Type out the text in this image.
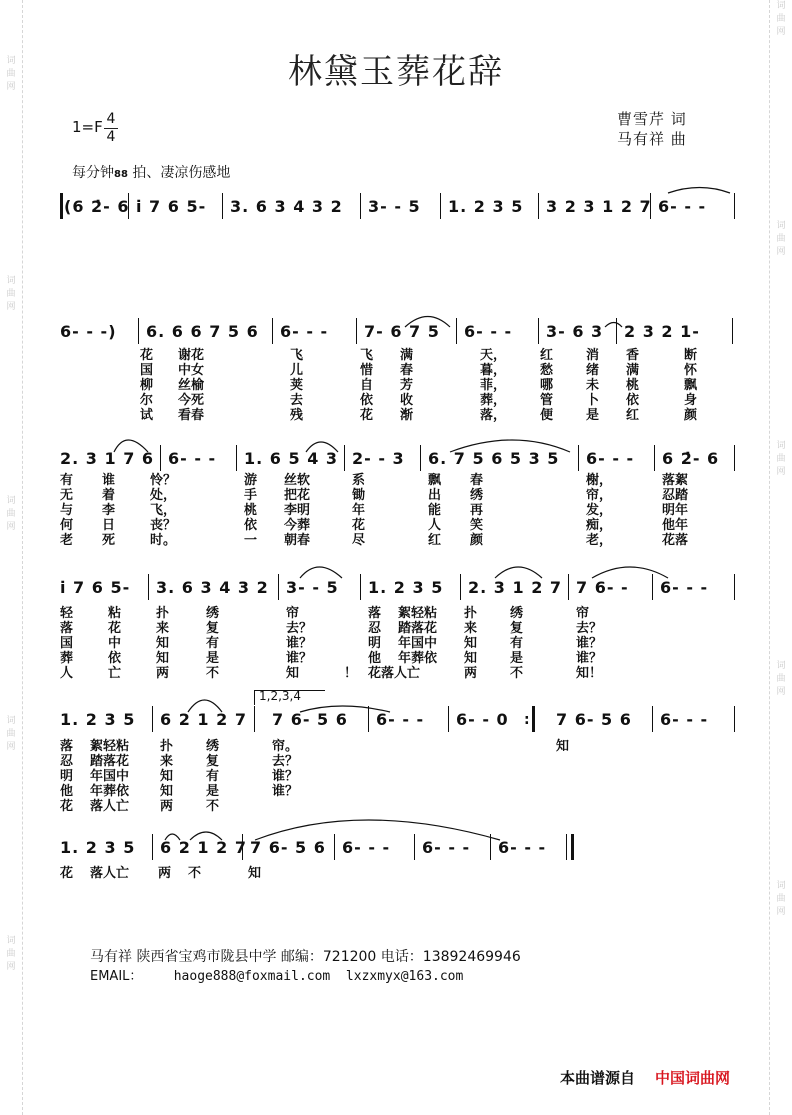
词曲网
词曲网
词曲网
词曲网
词曲网
词曲网
词曲网
词曲网
词曲网
词曲网
林黛玉葬花辞
1=F 4
4
曹雪芹 词
马有祥 曲
每分钟88 拍、凄凉伤感地
(6 2̇- 6 i̇ 7 6 5- 3. 6 3 4 3 2 3- - 5 1. 2 3 5 3 2 3 1 2 7 6- - -
6- - -) 6. 6 6 7 5 6 6- - - 7- 6 7 5 6- - - 3- 6 3 2 3 2 1-
花 谢花	飞	飞 满	天，	红	消 香	断
国 中女	儿	惜 春	暮，	愁	绪 满	怀
柳 丝榆	荚	自 芳	菲，	哪	未 桃	飘
尔 今死	去	依 收	葬，	管	卜 依	身
试 看春	残	花 渐	落，	便	是 红	颜
2. 3 1 7 6 6- - - 1. 6 5 4 3 2- - 3 6. 7 5 6 5 3 5 6- - - 6 2̇- 6
有 谁	怜？	游 丝软	系	飘 春	榭，	落絮
无 着	处，	手 把花	锄	出 绣	帘，	忍踏
与 李	飞，	桃 李明	年	能 再	发，	明年
何 日	丧？	依 今葬	花	人 笑	痴，	他年
老 死	时。	一 朝春	尽	红 颜	老，	花落
i̇ 7 6 5- 3. 6 3 4 3 2 3- - 5 1. 2 3 5 2. 3 1 2 7 7 6- - 6- - -
轻	粘	扑	绣	帘	落 絮轻粘 扑	绣	帘
落	花	来	复	去？	忍 踏落花 来	复	去？
国	中	知	有	谁？	明 年国中 知	有	谁？
葬	依	知	是	谁？	他 年葬依 知	是	谁？
人	亡	两	不	知	！ 花落人亡	两	不	知！
1,2,3,4
1. 2 3 5 6 2 1 2 7 7 6- 5 6 6- - - 6- - 0 : 7 6- 5 6 6- - -
落 絮轻粘 扑	绣	帘。	知
忍 踏落花 来	复	去？
明 年国中 知	有	谁？
他 年葬依 知	是	谁？
花 落人亡 两	不
1. 2 3 5 6 2 1 2 7 7 6- 5 6 6- - - 6- - - 6- - -
花 落人亡 两 不	知
马有祥 陕西省宝鸡市陇县中学 邮编：721200 电话：13892469946
EMAIL： haoge888@foxmail.com lxzxmyx@163.com
本曲谱源自 中国词曲网
